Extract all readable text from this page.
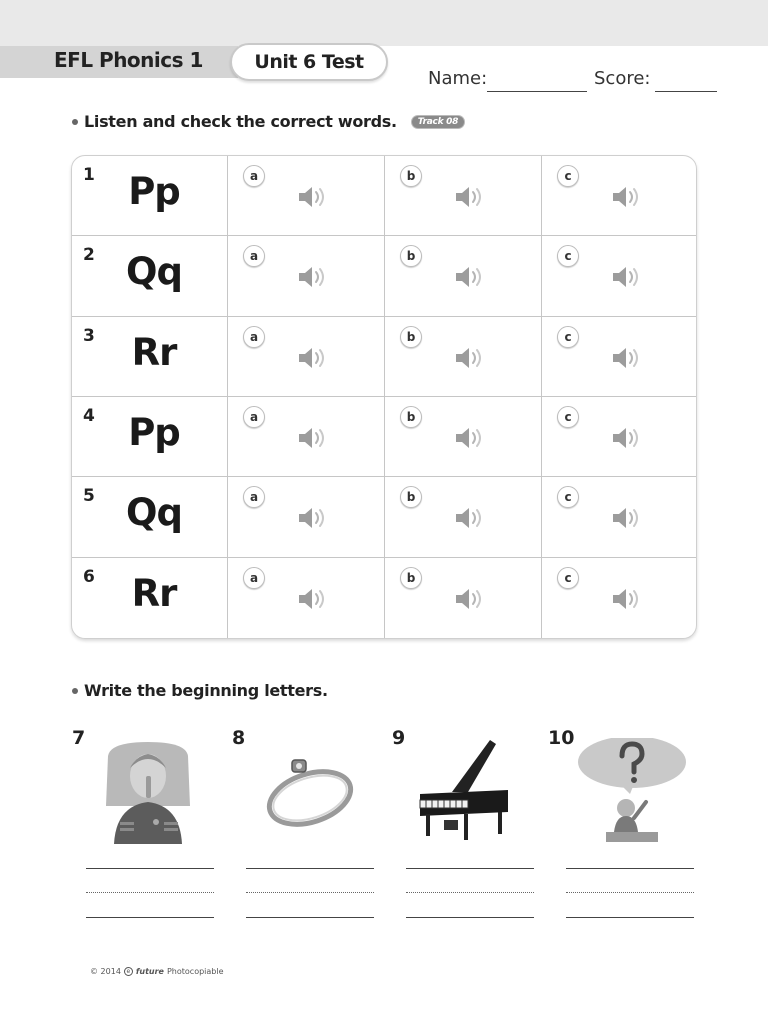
EFL Phonics 1	Unit 6 Test
Name:	Score:
Listen and check the correct words.	Track 08
1 Pp	a	b	c
2 Qq	a	b	c
3 Rr	a	b	c
4 Pp	a	b	c
5 Qq	a	b	c
6 Rr	a	b	c
Write the beginning letters.
7	8	9	10
© 2014 e future Photocopiable
